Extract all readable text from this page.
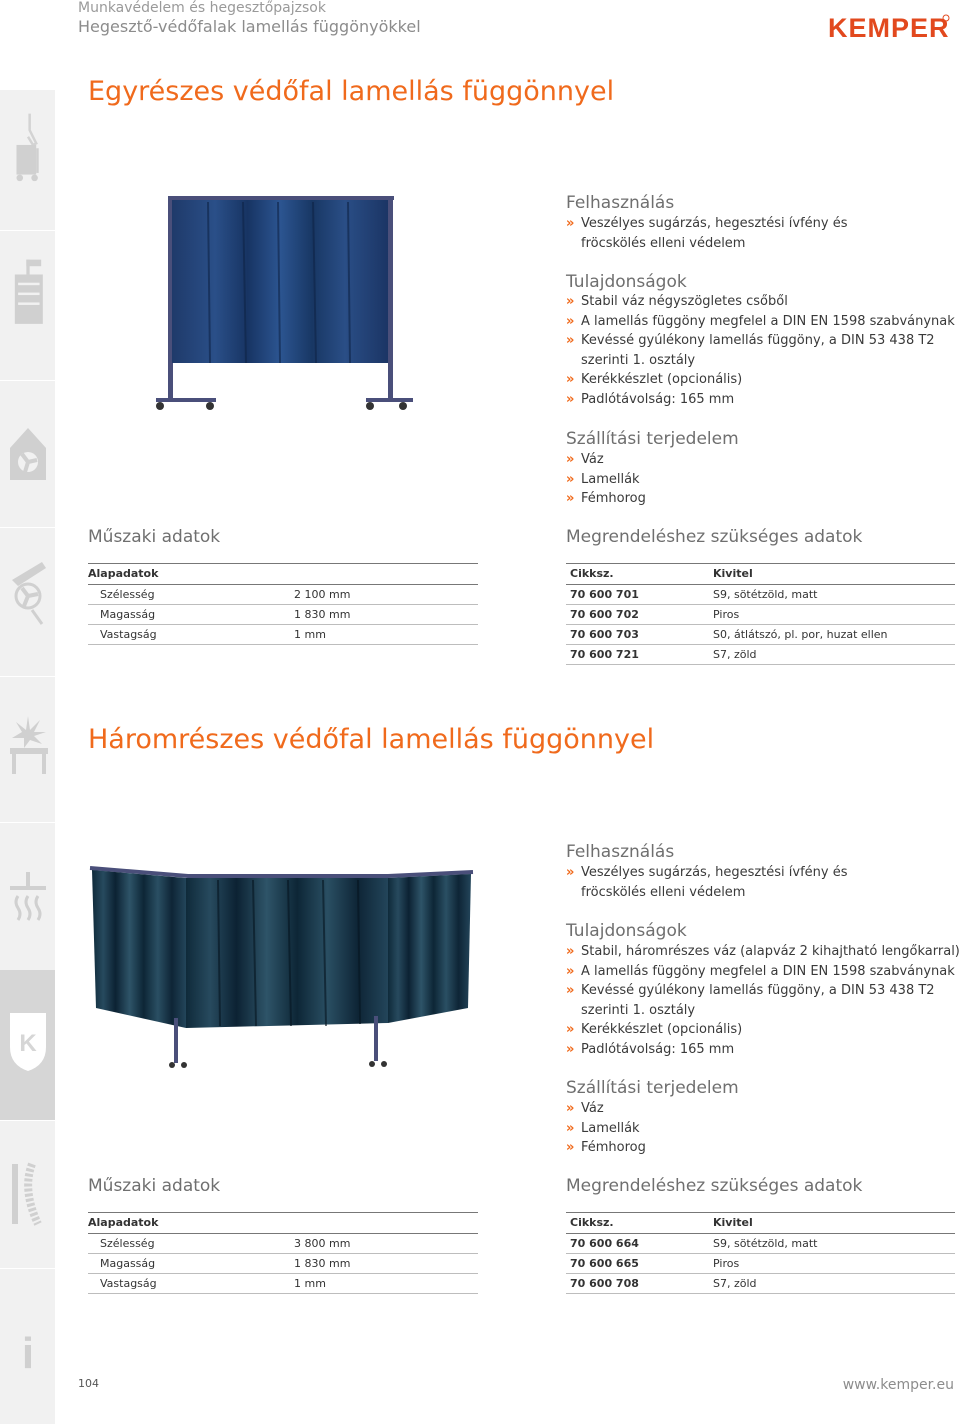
Munkavédelem és hegesztőpajzsok
Hegesztő-védőfalak lamellás függönyökkel	KEMPER
K
i
Egyrészes védőfal lamellás függönnyel
Felhasználás
» Veszélyes sugárzás, hegesztési ívfény és
fröcskölés elleni védelem
Tulajdonságok
» Stabil váz négyszögletes csőből
» A lamellás függöny megfelel a DIN EN 1598 szabványnak
» Kevéssé gyúlékony lamellás függöny, a DIN 53 438 T2
szerinti 1. osztály
» Kerékkészlet (opcionális)
» Padlótávolság: 165 mm
Szállítási terjedelem
» Váz
» Lamellák
» Fémhorog
Műszaki adatok	Megrendeléshez szükséges adatok
Alapadatok
Szélesség	2 100 mm
Magasság	1 830 mm
Vastagság	1 mm
Cikksz.	Kivitel
70 600 701	S9, sötétzöld, matt
70 600 702	Piros
70 600 703	S0, átlátszó, pl. por, huzat ellen
70 600 721	S7, zöld
Háromrészes védőfal lamellás függönnyel
Felhasználás
» Veszélyes sugárzás, hegesztési ívfény és
fröcskölés elleni védelem
Tulajdonságok
» Stabil, háromrészes váz (alapváz 2 kihajtható lengőkarral)
» A lamellás függöny megfelel a DIN EN 1598 szabványnak
» Kevéssé gyúlékony lamellás függöny, a DIN 53 438 T2
szerinti 1. osztály
» Kerékkészlet (opcionális)
» Padlótávolság: 165 mm
Szállítási terjedelem
» Váz
» Lamellák
» Fémhorog
Műszaki adatok	Megrendeléshez szükséges adatok
Alapadatok
Szélesség	3 800 mm
Magasság	1 830 mm
Vastagság	1 mm
Cikksz.	Kivitel
70 600 664	S9, sötétzöld, matt
70 600 665	Piros
70 600 708	S7, zöld
104	www.kemper.eu
